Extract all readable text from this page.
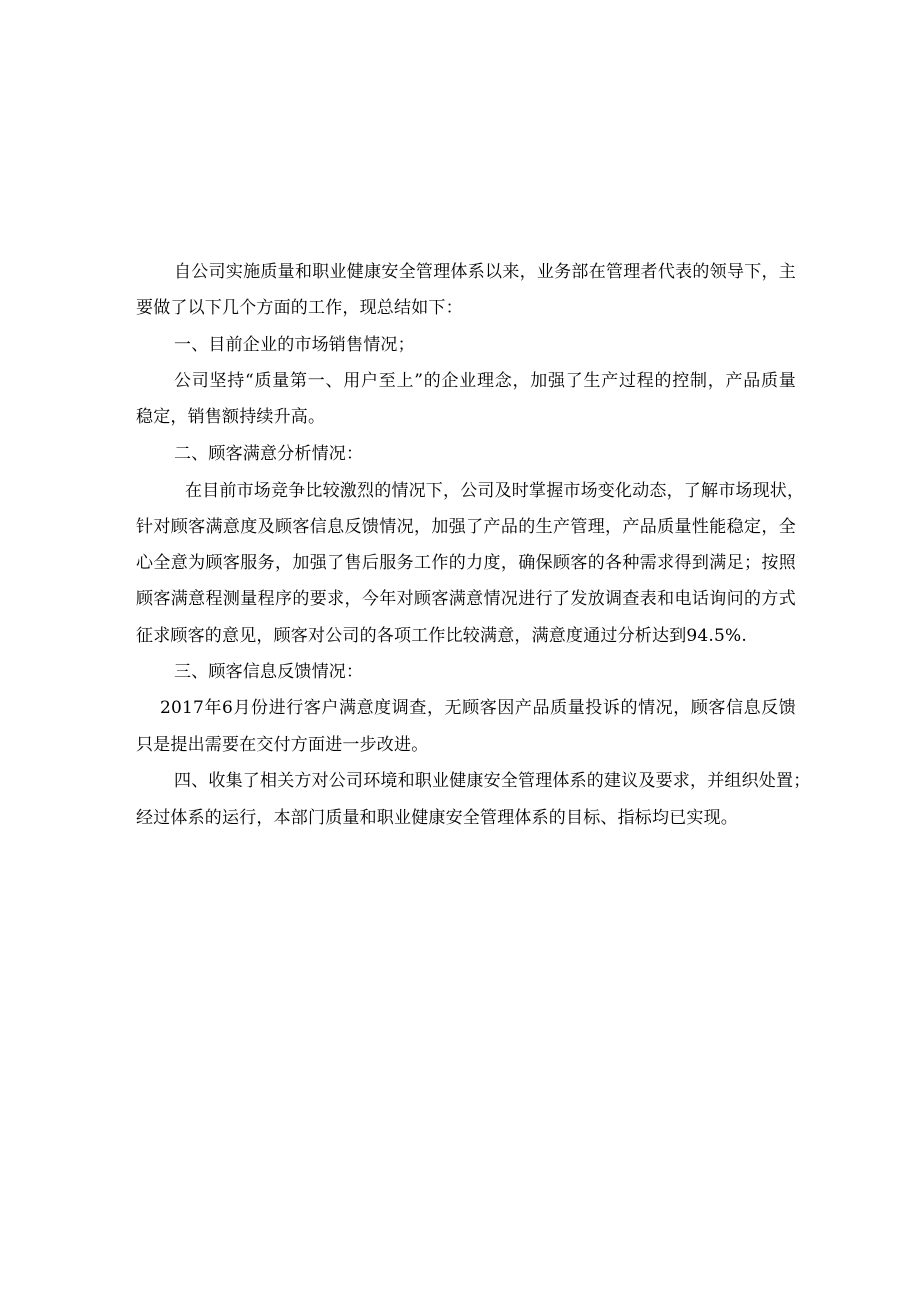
自公司实施质量和职业健康安全管理体系以来，业务部在管理者代表的领导下，主
要做了以下几个方面的工作，现总结如下：
一、目前企业的市场销售情况；
公司坚持“质量第一、用户至上”的企业理念，加强了生产过程的控制，产品质量
稳定，销售额持续升高。
二、顾客满意分析情况：
在目前市场竞争比较激烈的情况下，公司及时掌握市场变化动态，了解市场现状，
针对顾客满意度及顾客信息反馈情况，加强了产品的生产管理，产品质量性能稳定，全
心全意为顾客服务，加强了售后服务工作的力度，确保顾客的各种需求得到满足；按照
顾客满意程测量程序的要求，今年对顾客满意情况进行了发放调查表和电话询问的方式
征求顾客的意见，顾客对公司的各项工作比较满意，满意度通过分析达到94.5%.
三、顾客信息反馈情况：
2017年6月份进行客户满意度调查，无顾客因产品质量投诉的情况，顾客信息反馈
只是提出需要在交付方面进一步改进。
四、收集了相关方对公司环境和职业健康安全管理体系的建议及要求，并组织处置；
经过体系的运行，本部门质量和职业健康安全管理体系的目标、指标均已实现。
